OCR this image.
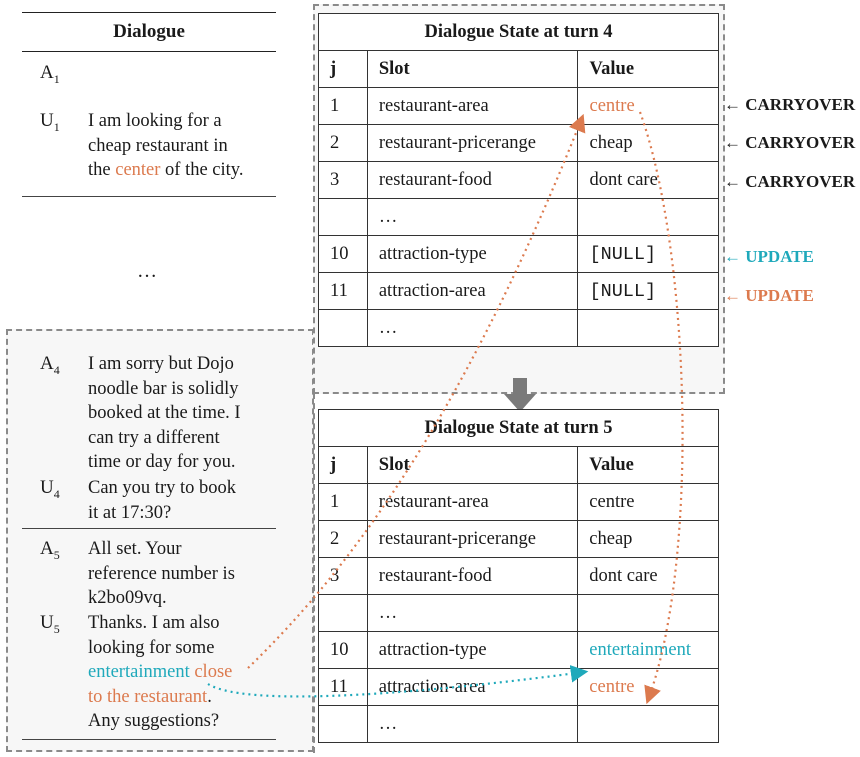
Dialogue
$A_1$
$U_1$ I am looking for a
cheap restaurant in
the center of the city.
…
$A_4$ I am sorry but Dojo
noodle bar is solidly
booked at the time. I
can try a different
time or day for you.
$U_4$ Can you try to book
it at 17:30?
$A_5$ All set. Your
reference number is
k2bo09vq.
$U_5$ Thanks. I am also
looking for some
entertainment close
to the restaurant.
Any suggestions?
Dialogue State at turn 4		
j	Slot	Value
1	restaurant-area	centre
2	restaurant-pricerange	cheap
3	restaurant-food	dont care
	…	
10	attraction-type	[NULL]
11	attraction-area	[NULL]
	…	
← CARRYOVER
← CARRYOVER
← CARRYOVER
← UPDATE
← UPDATE
Dialogue State at turn 5		
j	Slot	Value
1	restaurant-area	centre
2	restaurant-pricerange	cheap
3	restaurant-food	dont care
	…	
10	attraction-type	entertainment
11	attraction-area	centre
	…	
